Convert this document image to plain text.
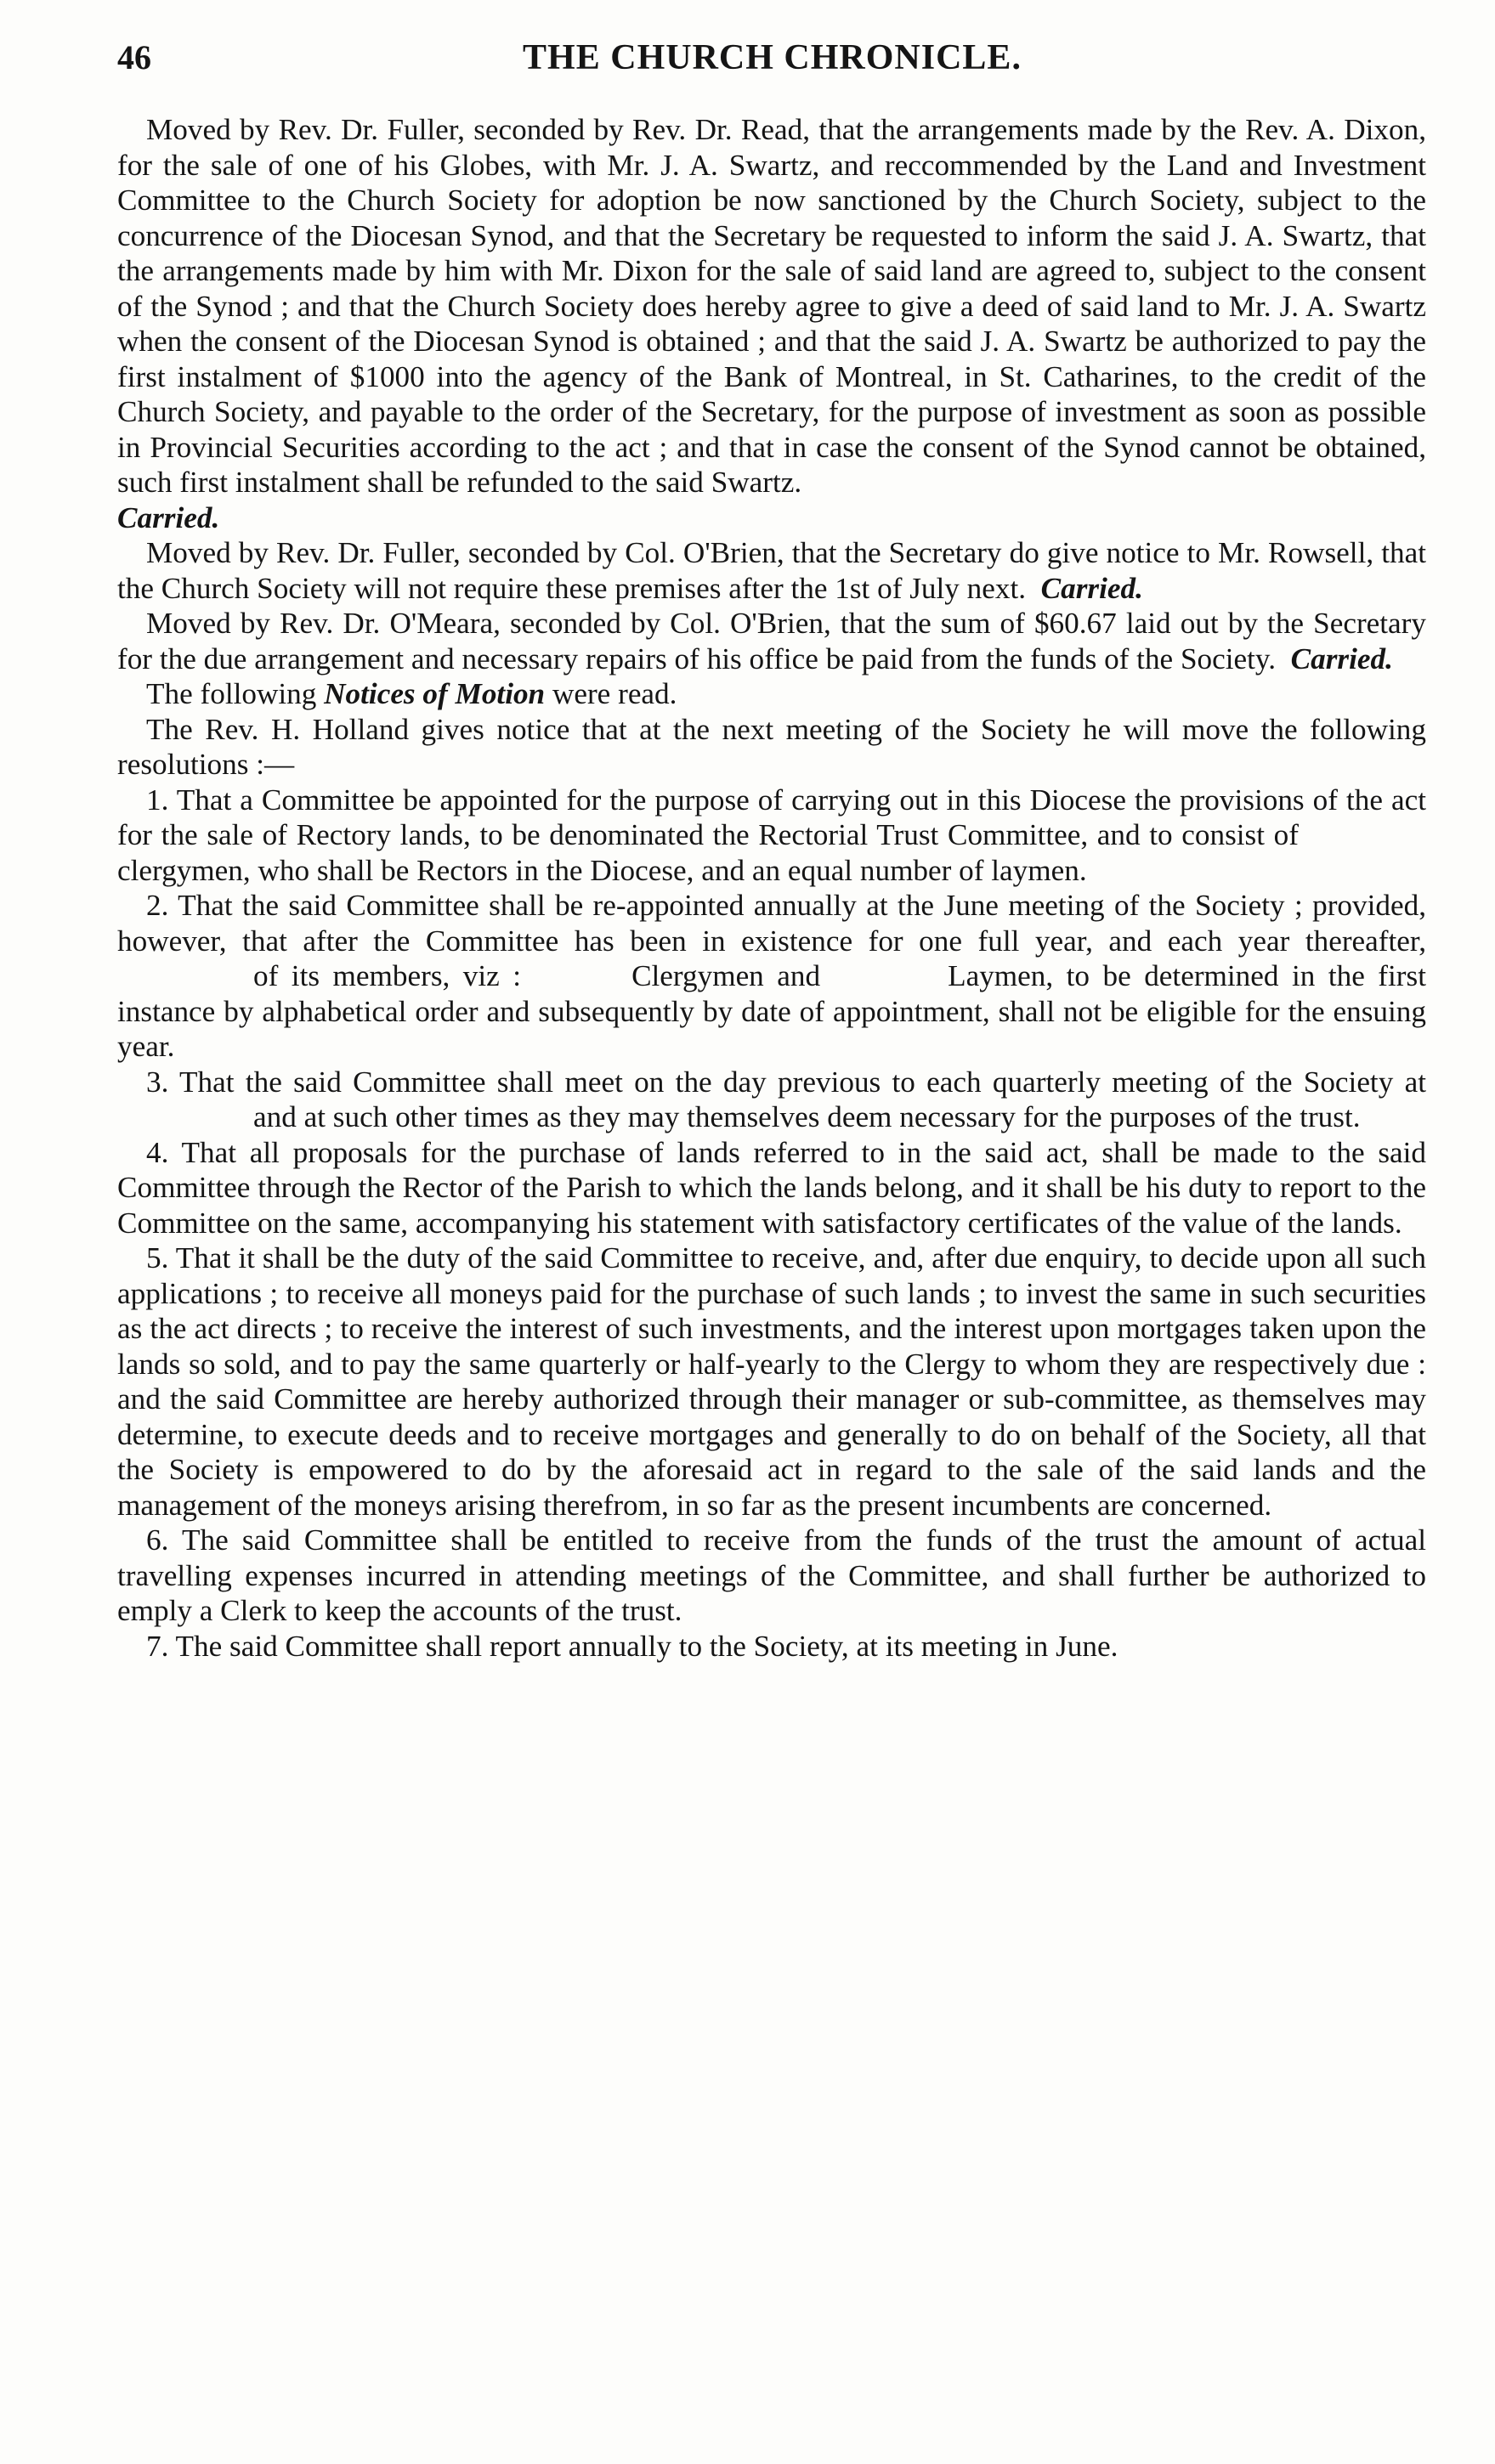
46	THE CHURCH CHRONICLE.

Moved by Rev. Dr. Fuller, seconded by Rev. Dr. Read, that the arrangements made by the Rev. A. Dixon, for the sale of one of his Globes, with Mr. J. A. Swartz, and reccommended by the Land and Investment Committee to the Church Society for adoption be now sanctioned by the Church Society, subject to the concurrence of the Diocesan Synod, and that the Secretary be requested to inform the said J. A. Swartz, that the arrangements made by him with Mr. Dixon for the sale of said land are agreed to, subject to the consent of the Synod ; and that the Church Society does hereby agree to give a deed of said land to Mr. J. A. Swartz when the consent of the Diocesan Synod is obtained ; and that the said J. A. Swartz be authorized to pay the first instalment of $1000 into the agency of the Bank of Montreal, in St. Catharines, to the credit of the Church Society, and payable to the order of the Secretary, for the purpose of investment as soon as possible in Provincial Securities according to the act ; and that in case the consent of the Synod cannot be obtained, such first instalment shall be refunded to the said Swartz.
Carried.

Moved by Rev. Dr. Fuller, seconded by Col. O'Brien, that the Secretary do give notice to Mr. Rowsell, that the Church Society will not require these premises after the 1st of July next. Carried.

Moved by Rev. Dr. O'Meara, seconded by Col. O'Brien, that the sum of $60.67 laid out by the Secretary for the due arrangement and necessary repairs of his office be paid from the funds of the Society. Carried.

The following Notices of Motion were read.

The Rev. H. Holland gives notice that at the next meeting of the Society he will move the following resolutions :—

1. That a Committee be appointed for the purpose of carrying out in this Diocese the provisions of the act for the sale of Rectory lands, to be denominated the Rectorial Trust Committee, and to consist ofclergymen, who shall be Rectors in the Diocese, and an equal number of laymen.

2. That the said Committee shall be re-appointed annually at the June meeting of the Society ; provided, however, that after the Committee has been in existence for one full year, and each year thereafter,of its members, viz :	Clergymen and	Laymen, to be determined in the first instance by alphabetical order and subsequently by date of appointment, shall not be eligible for the ensuing year.

3. That the said Committee shall meet on the day previous to each quarterly meeting of the Society atand at such other times as they may themselves deem necessary for the purposes of the trust.

4. That all proposals for the purchase of lands referred to in the said act, shall be made to the said Committee through the Rector of the Parish to which the lands belong, and it shall be his duty to report to the Committee on the same, accompanying his statement with satisfactory certificates of the value of the lands.

5. That it shall be the duty of the said Committee to receive, and, after due enquiry, to decide upon all such applications ; to receive all moneys paid for the purchase of such lands ; to invest the same in such securities as the act directs ; to receive the interest of such investments, and the interest upon mortgages taken upon the lands so sold, and to pay the same quarterly or half-yearly to the Clergy to whom they are respectively due : and the said Committee are hereby authorized through their manager or sub-committee, as themselves may determine, to execute deeds and to receive mortgages and generally to do on behalf of the Society, all that the Society is empowered to do by the aforesaid act in regard to the sale of the said lands and the management of the moneys arising therefrom, in so far as the present incumbents are concerned.

6. The said Committee shall be entitled to receive from the funds of the trust the amount of actual travelling expenses incurred in attending meetings of the Committee, and shall further be authorized to emply a Clerk to keep the accounts of the trust.

7. The said Committee shall report annually to the Society, at its meeting in June.
